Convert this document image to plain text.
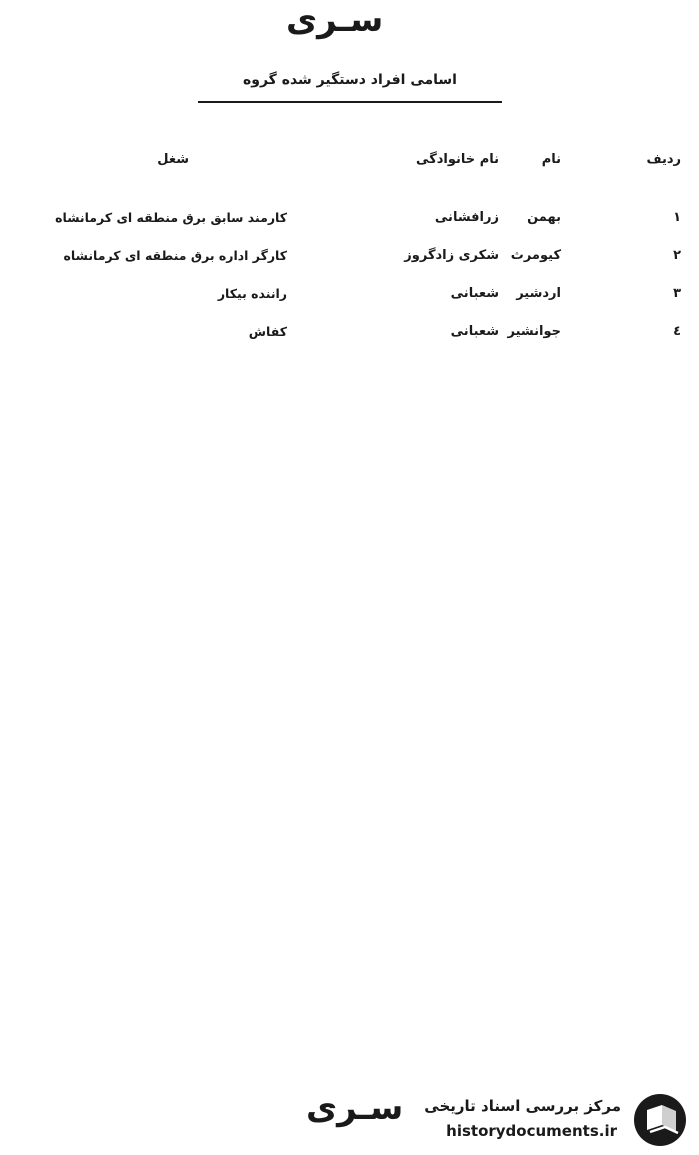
سـری
اسامی افراد دستگیر شده گروه
ردیف
نام
نام خانوادگی
شغل
۱
بهمن
زرافشانی
کارمند سابق برق منطقه ای کرمانشاه
۲
کیومرث
شکری زادگروز
کارگر اداره برق منطقه ای کرمانشاه
۳
اردشیر
شعبانی
راننده بیکار
٤
جوانشیر
شعبانی
کفاش
سـری مرکز بررسی اسناد تاریخی
historydocuments.ir
